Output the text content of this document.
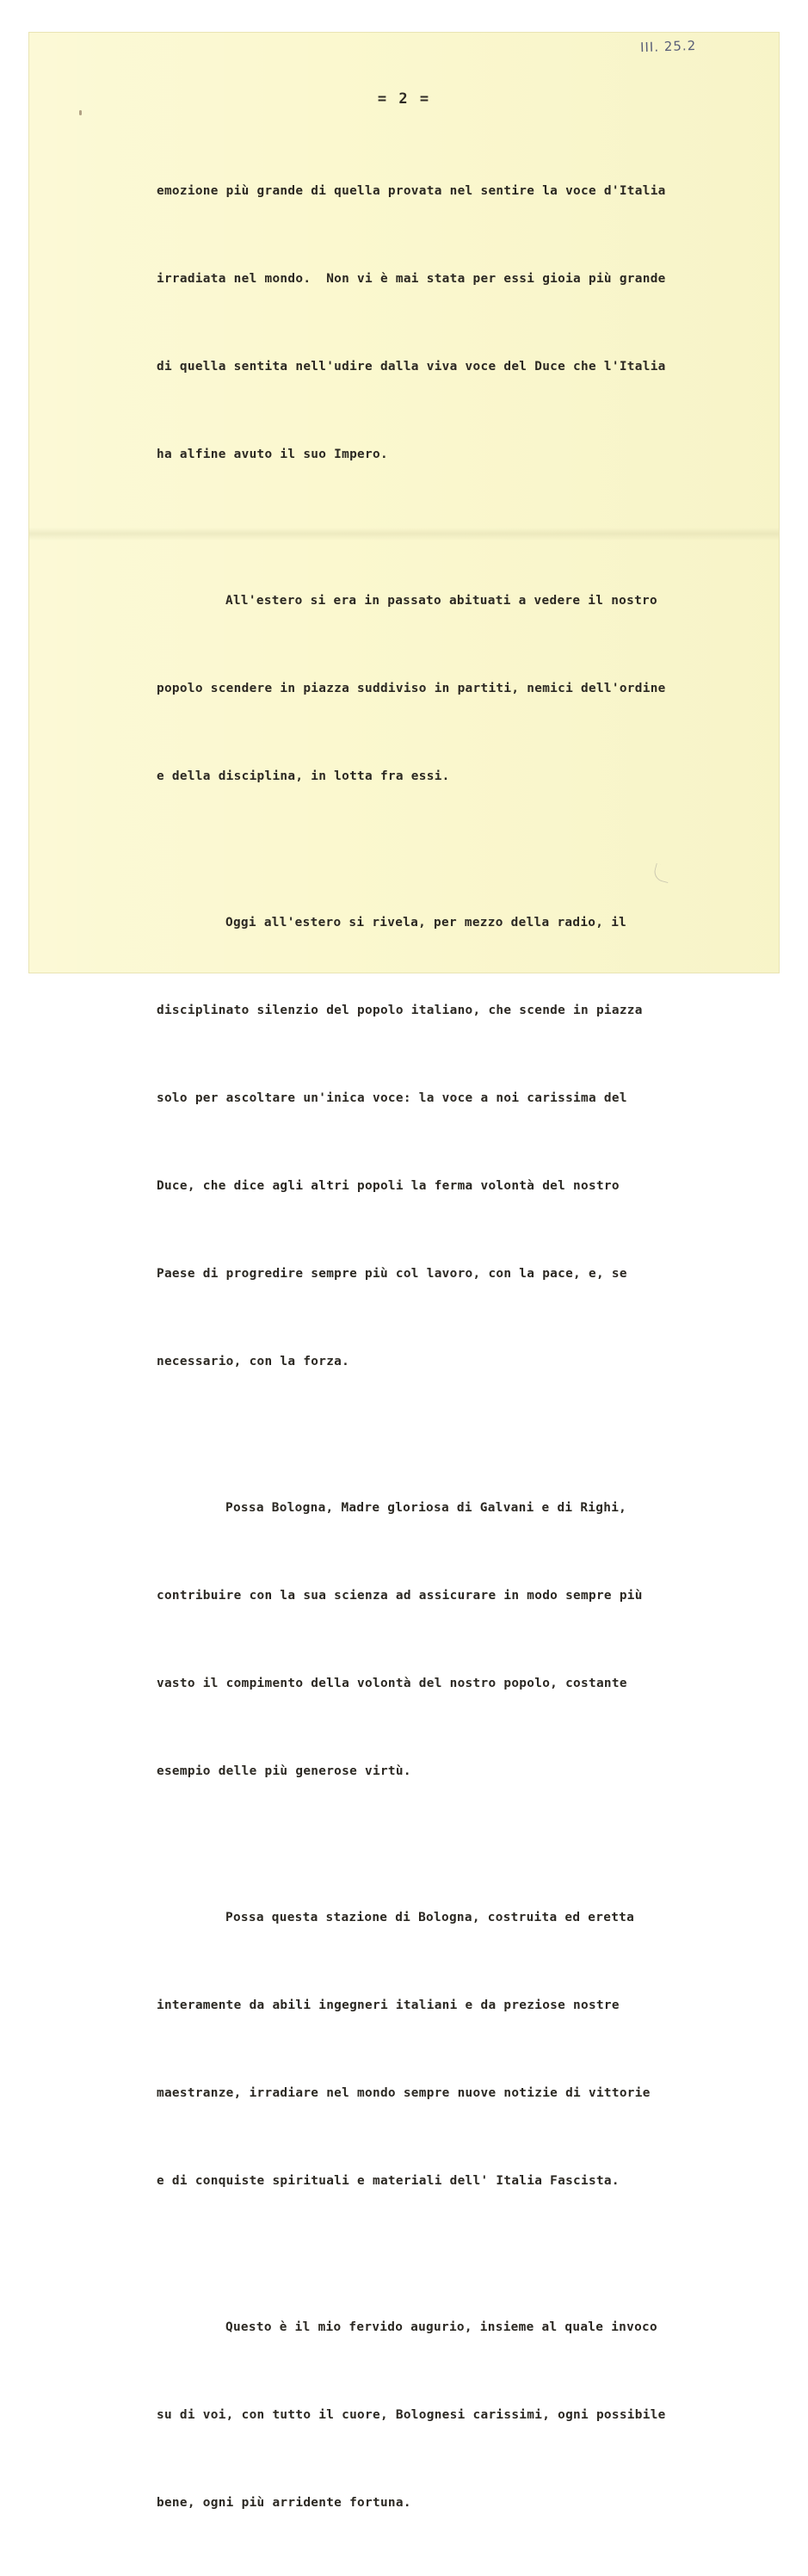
III. 25.2
= 2 =

emozione più grande di quella provata nel sentire la voce d'Italia

irradiata nel mondo.  Non vi è mai stata per essi gioia più grande

di quella sentita nell'udire dalla viva voce del Duce che l'Italia

ha alfine avuto il suo Impero.

All'estero si era in passato abituati a vedere il nostro

popolo scendere in piazza suddiviso in partiti, nemici dell'ordine

e della disciplina, in lotta fra essi.

Oggi all'estero si rivela, per mezzo della radio, il

disciplinato silenzio del popolo italiano, che scende in piazza

solo per ascoltare un'inica voce: la voce a noi carissima del

Duce, che dice agli altri popoli la ferma volontà del nostro

Paese di progredire sempre più col lavoro, con la pace, e, se

necessario, con la forza.

Possa Bologna, Madre gloriosa di Galvani e di Righi,

contribuire con la sua scienza ad assicurare in modo sempre più

vasto il compimento della volontà del nostro popolo, costante

esempio delle più generose virtù.

Possa questa stazione di Bologna, costruita ed eretta

interamente da abili ingegneri italiani e da preziose nostre

maestranze, irradiare nel mondo sempre nuove notizie di vittorie

e di conquiste spirituali e materiali dell' Italia Fascista.

Questo è il mio fervido augurio, insieme al quale invoco

su di voi, con tutto il cuore, Bolognesi carissimi, ogni possibile

bene, ogni più arridente fortuna.
